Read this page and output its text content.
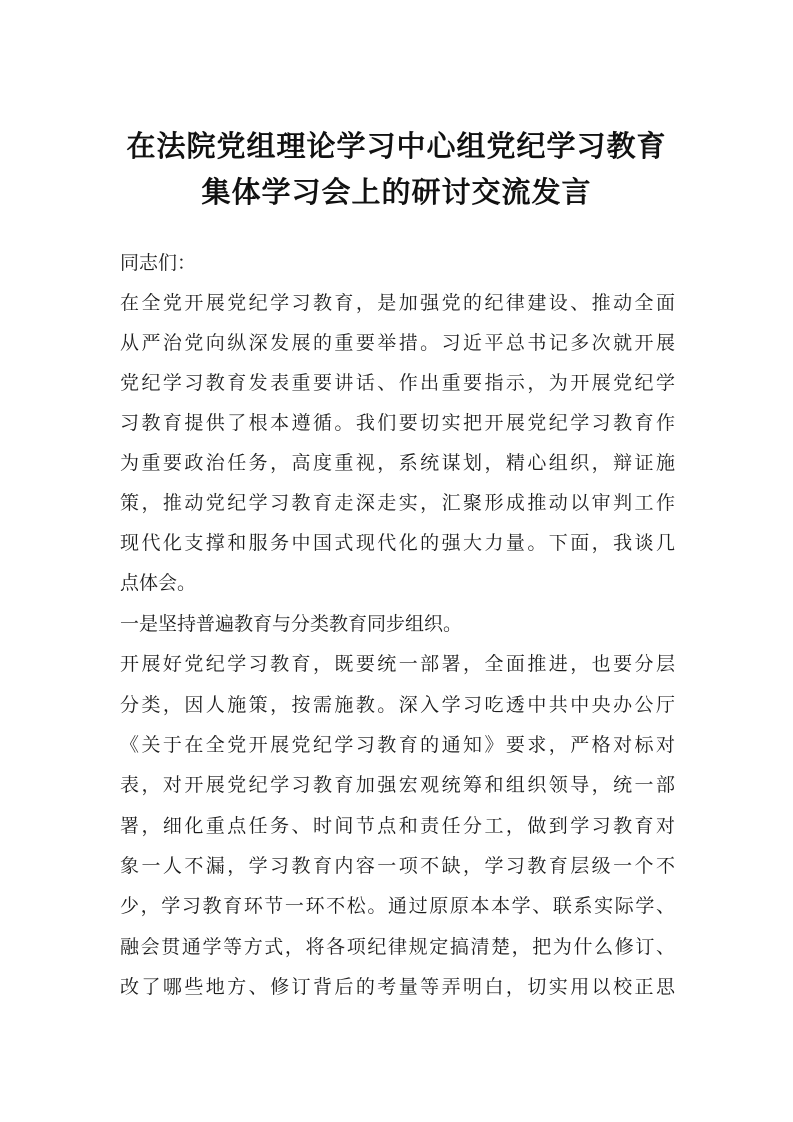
在法院党组理论学习中心组党纪学习教育
集体学习会上的研讨交流发言
同志们：
在全党开展党纪学习教育，是加强党的纪律建设、推动全面
从严治党向纵深发展的重要举措。习近平总书记多次就开展
党纪学习教育发表重要讲话、作出重要指示，为开展党纪学
习教育提供了根本遵循。我们要切实把开展党纪学习教育作
为重要政治任务，高度重视，系统谋划，精心组织，辩证施
策，推动党纪学习教育走深走实，汇聚形成推动以审判工作
现代化支撑和服务中国式现代化的强大力量。下面，我谈几
点体会。
一是坚持普遍教育与分类教育同步组织。
开展好党纪学习教育，既要统一部署，全面推进，也要分层
分类，因人施策，按需施教。深入学习吃透中共中央办公厅
《关于在全党开展党纪学习教育的通知》要求，严格对标对
表，对开展党纪学习教育加强宏观统筹和组织领导，统一部
署，细化重点任务、时间节点和责任分工，做到学习教育对
象一人不漏，学习教育内容一项不缺，学习教育层级一个不
少，学习教育环节一环不松。通过原原本本学、联系实际学、
融会贯通学等方式，将各项纪律规定搞清楚，把为什么修订、
改了哪些地方、修订背后的考量等弄明白，切实用以校正思
